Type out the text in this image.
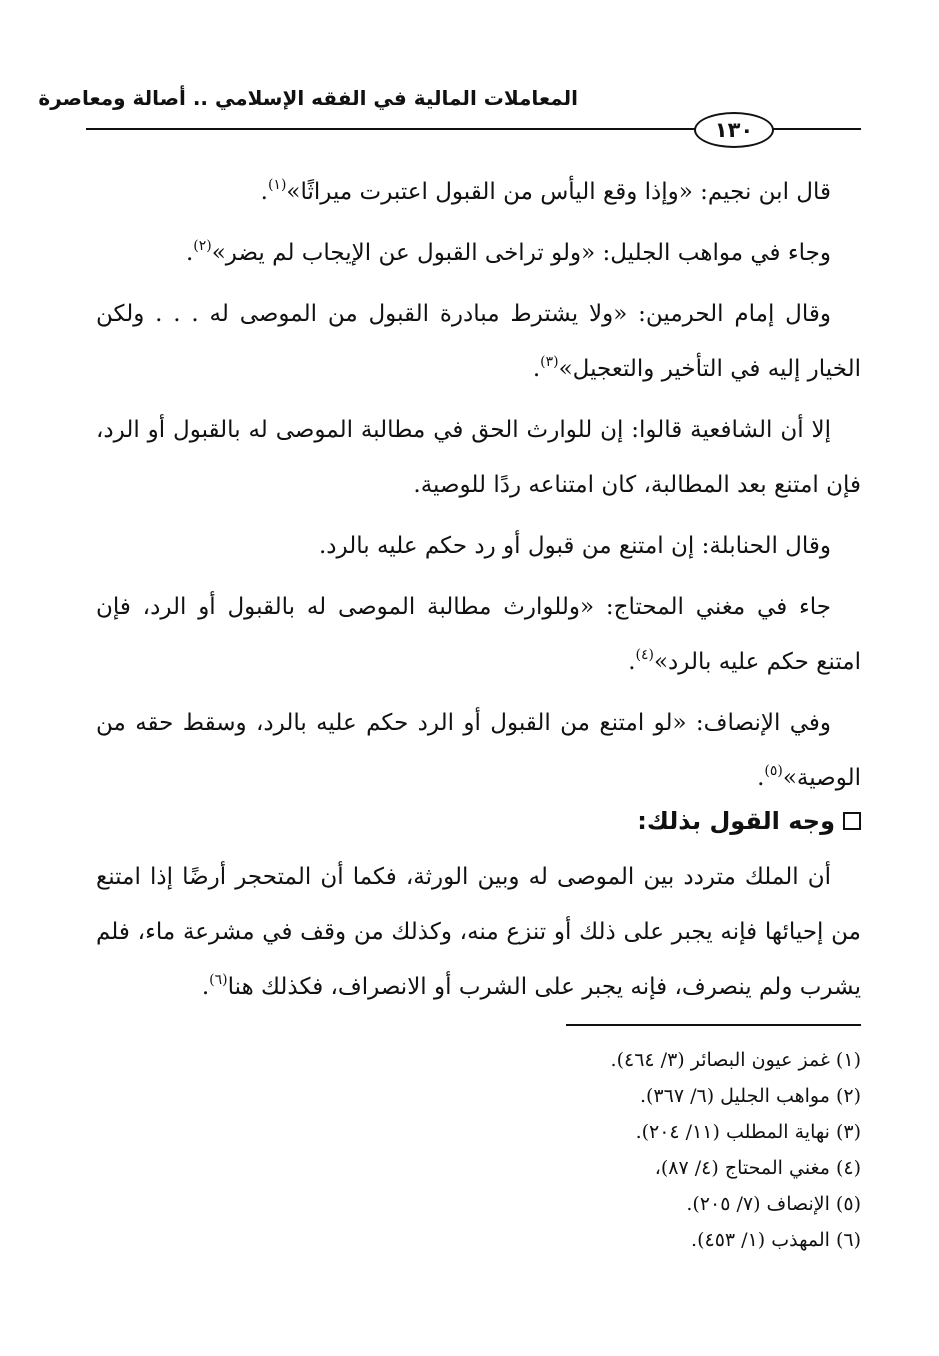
المعاملات المالية في الفقه الإسلامي .. أصالة ومعاصرة
١٣٠

قال ابن نجيم: «وإذا وقع اليأس من القبول اعتبرت ميراثًا»$^{(١)}$.

وجاء في مواهب الجليل: «ولو تراخى القبول عن الإيجاب لم يضر»$^{(٢)}$.

وقال إمام الحرمين: «ولا يشترط مبادرة القبول من الموصى له . . . ولكن الخيار إليه في التأخير والتعجيل»$^{(٣)}$.

إلا أن الشافعية قالوا: إن للوارث الحق في مطالبة الموصى له بالقبول أو الرد، فإن امتنع بعد المطالبة، كان امتناعه ردًا للوصية.

وقال الحنابلة: إن امتنع من قبول أو رد حكم عليه بالرد.

جاء في مغني المحتاج: «وللوارث مطالبة الموصى له بالقبول أو الرد، فإن امتنع حكم عليه بالرد»$^{(٤)}$.

وفي الإنصاف: «لو امتنع من القبول أو الرد حكم عليه بالرد، وسقط حقه من الوصية»$^{(٥)}$.

وجه القول بذلك:

أن الملك متردد بين الموصى له وبين الورثة، فكما أن المتحجر أرضًا إذا امتنع من إحيائها فإنه يجبر على ذلك أو تنزع منه، وكذلك من وقف في مشرعة ماء، فلم يشرب ولم ينصرف، فإنه يجبر على الشرب أو الانصراف، فكذلك هنا$^{(٦)}$.

(١) غمز عيون البصائر (٣/ ٤٦٤).
(٢) مواهب الجليل (٦/ ٣٦٧).
(٣) نهاية المطلب (١١/ ٢٠٤).
(٤) مغني المحتاج (٤/ ٨٧)،
(٥) الإنصاف (٧/ ٢٠٥).
(٦) المهذب (١/ ٤٥٣).
